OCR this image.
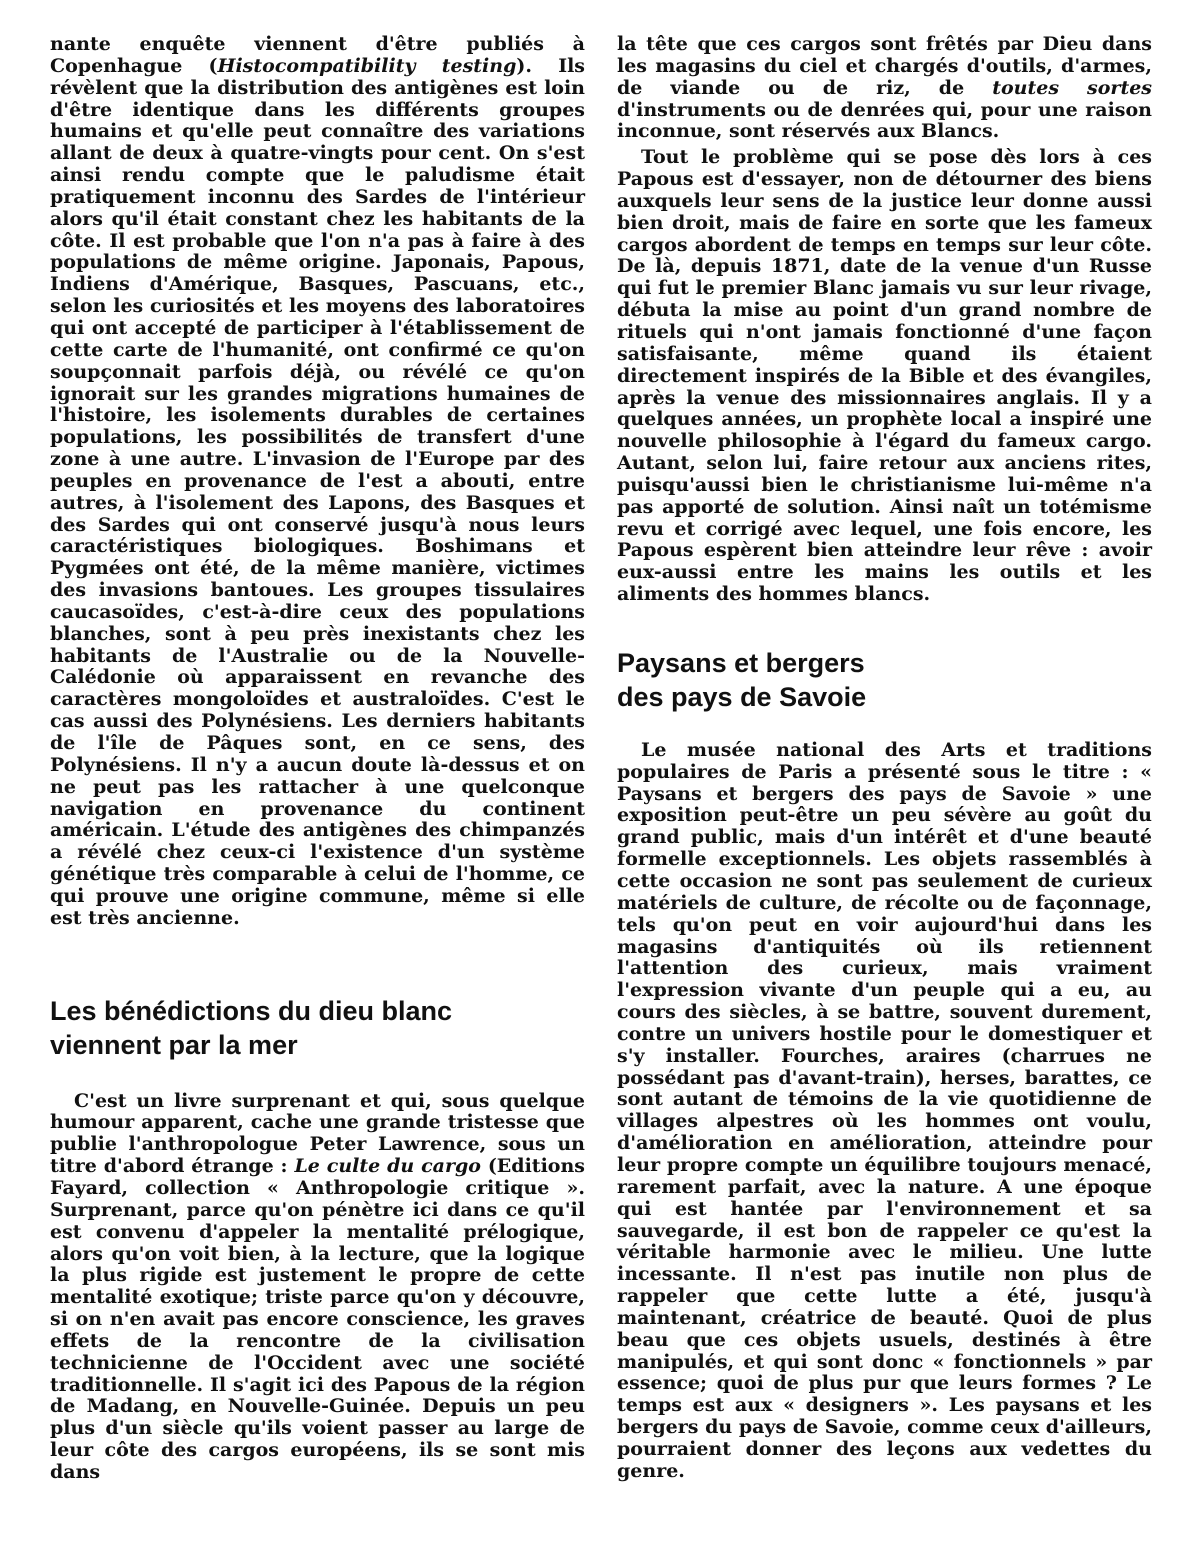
nante enquête viennent d'être publiés à Copenhague (Histocompatibility testing). Ils révèlent que la distribution des antigènes est loin d'être identique dans les différents groupes humains et qu'elle peut connaître des variations allant de deux à quatre-vingts pour cent. On s'est ainsi rendu compte que le paludisme était pratiquement inconnu des Sardes de l'intérieur alors qu'il était constant chez les habitants de la côte. Il est probable que l'on n'a pas à faire à des populations de même origine. Japonais, Papous, Indiens d'Amérique, Basques, Pascuans, etc., selon les curiosités et les moyens des laboratoires qui ont accepté de participer à l'établissement de cette carte de l'humanité, ont confirmé ce qu'on soupçonnait parfois déjà, ou révélé ce qu'on ignorait sur les grandes migrations humaines de l'histoire, les isolements durables de certaines populations, les possibilités de transfert d'une zone à une autre. L'invasion de l'Europe par des peuples en provenance de l'est a abouti, entre autres, à l'isolement des Lapons, des Basques et des Sardes qui ont conservé jusqu'à nous leurs caractéristiques biologiques. Boshimans et Pygmées ont été, de la même manière, victimes des invasions bantoues. Les groupes tissulaires caucasoïdes, c'est-à-dire ceux des populations blanches, sont à peu près inexistants chez les habitants de l'Australie ou de la Nouvelle-Calédonie où apparaissent en revanche des caractères mongoloïdes et australoïdes. C'est le cas aussi des Polynésiens. Les derniers habitants de l'île de Pâques sont, en ce sens, des Polynésiens. Il n'y a aucun doute là-dessus et on ne peut pas les rattacher à une quelconque navigation en provenance du continent américain. L'étude des antigènes des chimpanzés a révélé chez ceux-ci l'existence d'un système génétique très comparable à celui de l'homme, ce qui prouve une origine commune, même si elle est très ancienne.

Les bénédictions du dieu blanc
viennent par la mer

C'est un livre surprenant et qui, sous quelque humour apparent, cache une grande tristesse que publie l'anthropologue Peter Lawrence, sous un titre d'abord étrange : Le culte du cargo (Editions Fayard, collection « Anthropologie critique ». Surprenant, parce qu'on pénètre ici dans ce qu'il est convenu d'appeler la mentalité prélogique, alors qu'on voit bien, à la lecture, que la logique la plus rigide est justement le propre de cette mentalité exotique; triste parce qu'on y découvre, si on n'en avait pas encore conscience, les graves effets de la rencontre de la civilisation technicienne de l'Occident avec une société traditionnelle. Il s'agit ici des Papous de la région de Madang, en Nouvelle-Guinée. Depuis un peu plus d'un siècle qu'ils voient passer au large de leur côte des cargos européens, ils se sont mis dans

la tête que ces cargos sont frêtés par Dieu dans les magasins du ciel et chargés d'outils, d'armes, de viande ou de riz, de toutes sortes d'instruments ou de denrées qui, pour une raison inconnue, sont réservés aux Blancs.

Tout le problème qui se pose dès lors à ces Papous est d'essayer, non de détourner des biens auxquels leur sens de la justice leur donne aussi bien droit, mais de faire en sorte que les fameux cargos abordent de temps en temps sur leur côte. De là, depuis 1871, date de la venue d'un Russe qui fut le premier Blanc jamais vu sur leur rivage, débuta la mise au point d'un grand nombre de rituels qui n'ont jamais fonctionné d'une façon satisfaisante, même quand ils étaient directement inspirés de la Bible et des évangiles, après la venue des missionnaires anglais. Il y a quelques années, un prophète local a inspiré une nouvelle philosophie à l'égard du fameux cargo. Autant, selon lui, faire retour aux anciens rites, puisqu'aussi bien le christianisme lui-même n'a pas apporté de solution. Ainsi naît un totémisme revu et corrigé avec lequel, une fois encore, les Papous espèrent bien atteindre leur rêve : avoir eux-aussi entre les mains les outils et les aliments des hommes blancs.

Paysans et bergers
des pays de Savoie

Le musée national des Arts et traditions populaires de Paris a présenté sous le titre : « Paysans et bergers des pays de Savoie » une exposition peut-être un peu sévère au goût du grand public, mais d'un intérêt et d'une beauté formelle exceptionnels. Les objets rassemblés à cette occasion ne sont pas seulement de curieux matériels de culture, de récolte ou de façonnage, tels qu'on peut en voir aujourd'hui dans les magasins d'antiquités où ils retiennent l'attention des curieux, mais vraiment l'expression vivante d'un peuple qui a eu, au cours des siècles, à se battre, souvent durement, contre un univers hostile pour le domestiquer et s'y installer. Fourches, araires (charrues ne possédant pas d'avant-train), herses, barattes, ce sont autant de témoins de la vie quotidienne de villages alpestres où les hommes ont voulu, d'amélioration en amélioration, atteindre pour leur propre compte un équilibre toujours menacé, rarement parfait, avec la nature. A une époque qui est hantée par l'environnement et sa sauvegarde, il est bon de rappeler ce qu'est la véritable harmonie avec le milieu. Une lutte incessante. Il n'est pas inutile non plus de rappeler que cette lutte a été, jusqu'à maintenant, créatrice de beauté. Quoi de plus beau que ces objets usuels, destinés à être manipulés, et qui sont donc « fonctionnels » par essence; quoi de plus pur que leurs formes ? Le temps est aux « designers ». Les paysans et les bergers du pays de Savoie, comme ceux d'ailleurs, pourraient donner des leçons aux vedettes du genre.
